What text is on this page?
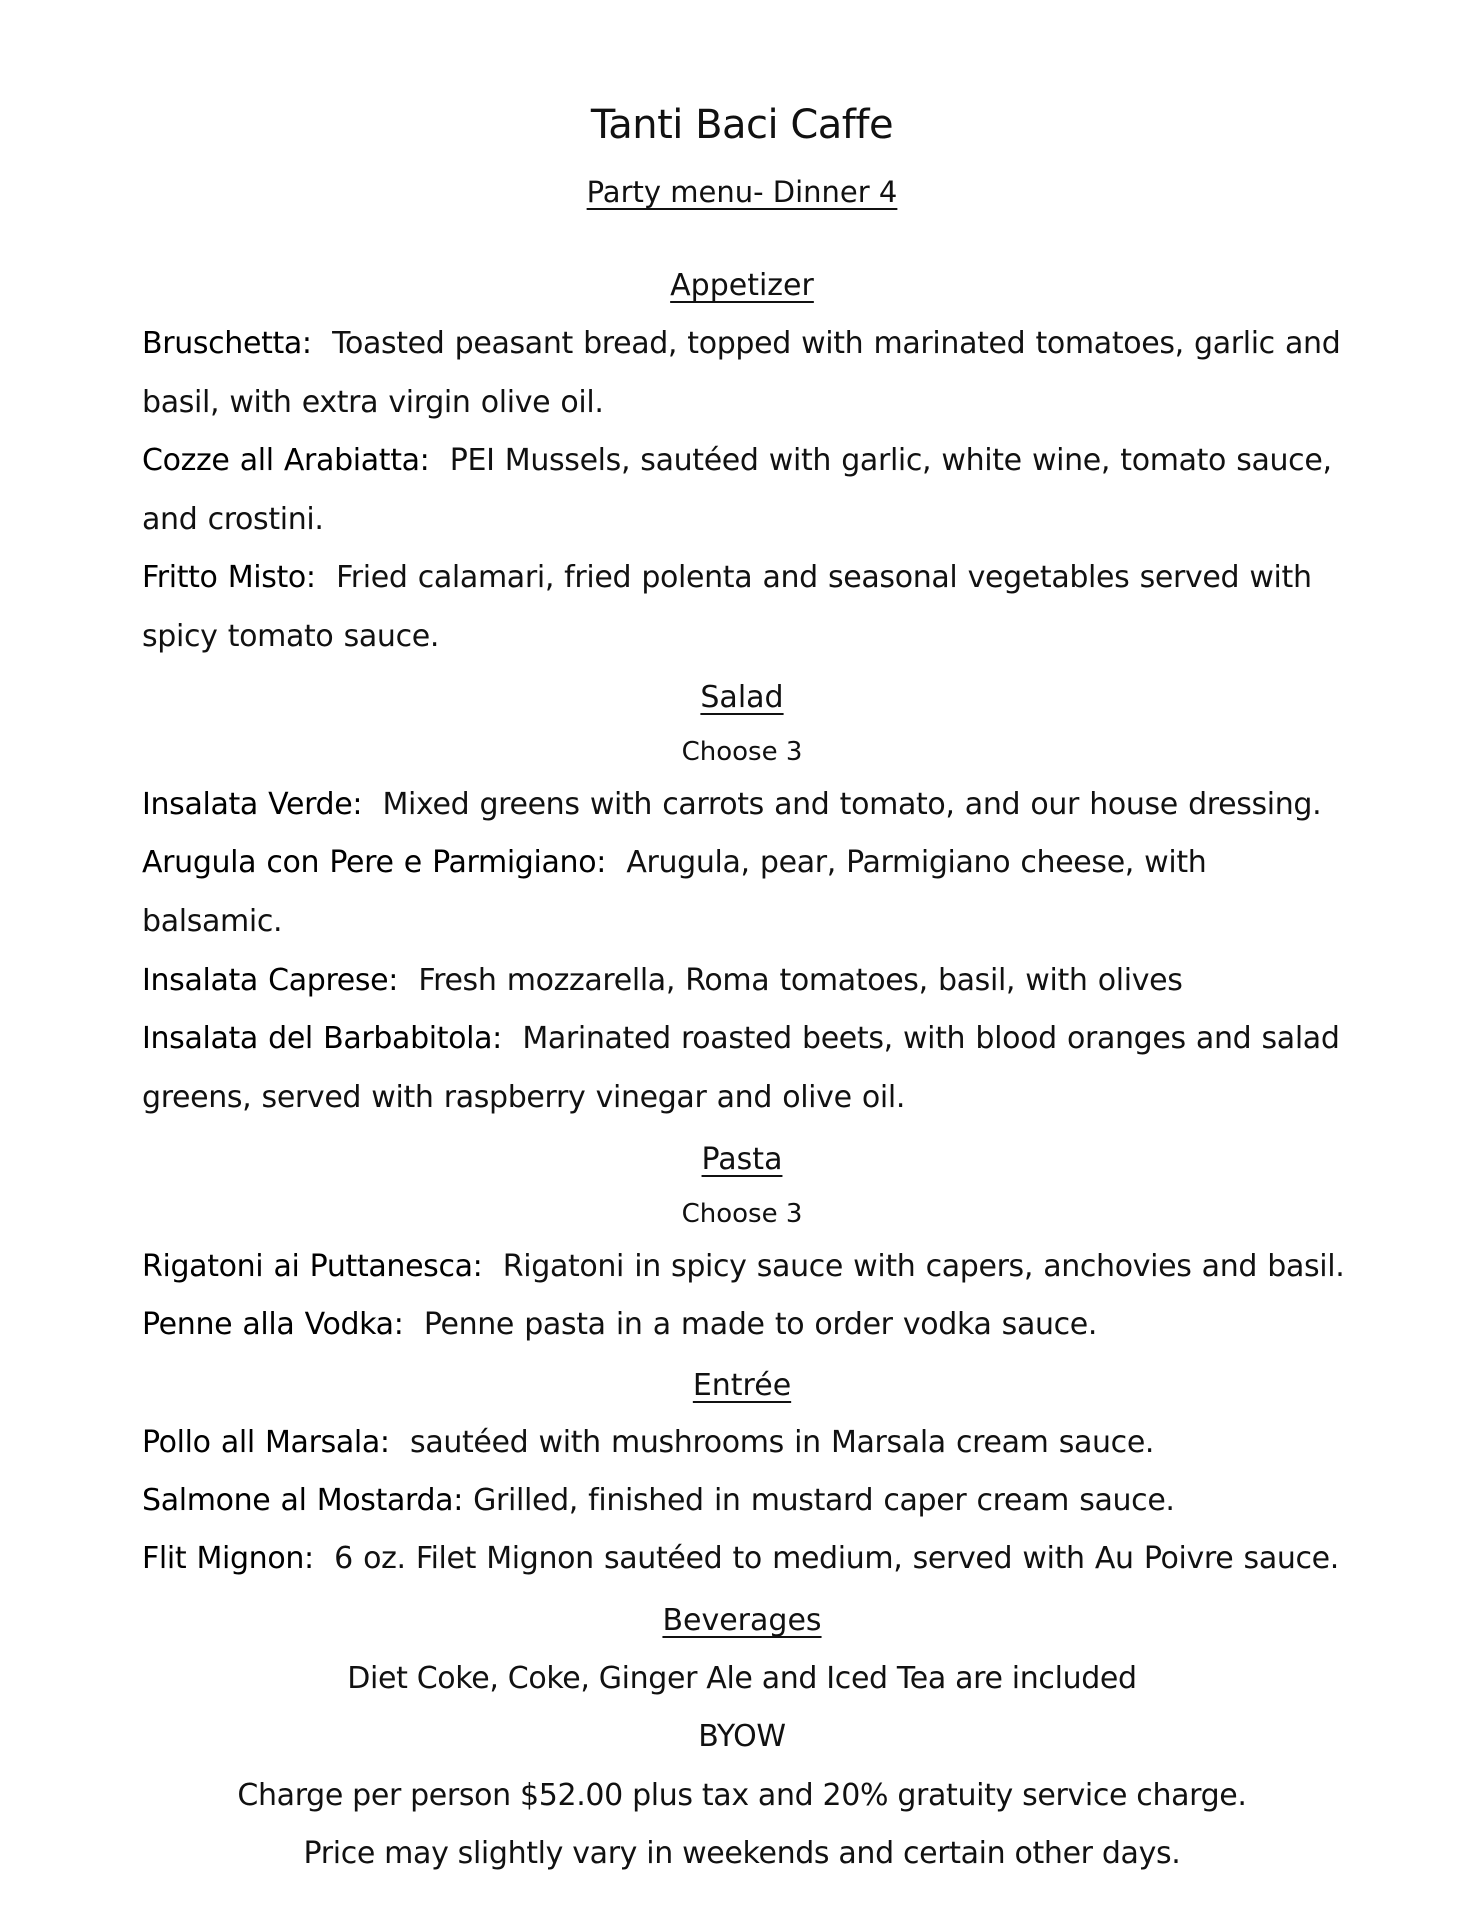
Tanti Baci Caffe
Party menu- Dinner 4
Appetizer
Bruschetta: Toasted peasant bread, topped with marinated tomatoes, garlic and basil, with extra virgin olive oil.
Cozze all Arabiatta: PEI Mussels, sautéed with garlic, white wine, tomato sauce, and crostini.
Fritto Misto: Fried calamari, fried polenta and seasonal vegetables served with spicy tomato sauce.
Salad
Choose 3
Insalata Verde: Mixed greens with carrots and tomato, and our house dressing.
Arugula con Pere e Parmigiano: Arugula, pear, Parmigiano cheese, with balsamic.
Insalata Caprese: Fresh mozzarella, Roma tomatoes, basil, with olives
Insalata del Barbabitola: Marinated roasted beets, with blood oranges and salad greens, served with raspberry vinegar and olive oil.
Pasta
Choose 3
Rigatoni ai Puttanesca: Rigatoni in spicy sauce with capers, anchovies and basil.
Penne alla Vodka: Penne pasta in a made to order vodka sauce.
Entrée
Pollo all Marsala: sautéed with mushrooms in Marsala cream sauce.
Salmone al Mostarda: Grilled, finished in mustard caper cream sauce.
Flit Mignon: 6 oz. Filet Mignon sautéed to medium, served with Au Poivre sauce.
Beverages
Diet Coke, Coke, Ginger Ale and Iced Tea are included
BYOW
Charge per person $52.00 plus tax and 20% gratuity service charge.
Price may slightly vary in weekends and certain other days.
